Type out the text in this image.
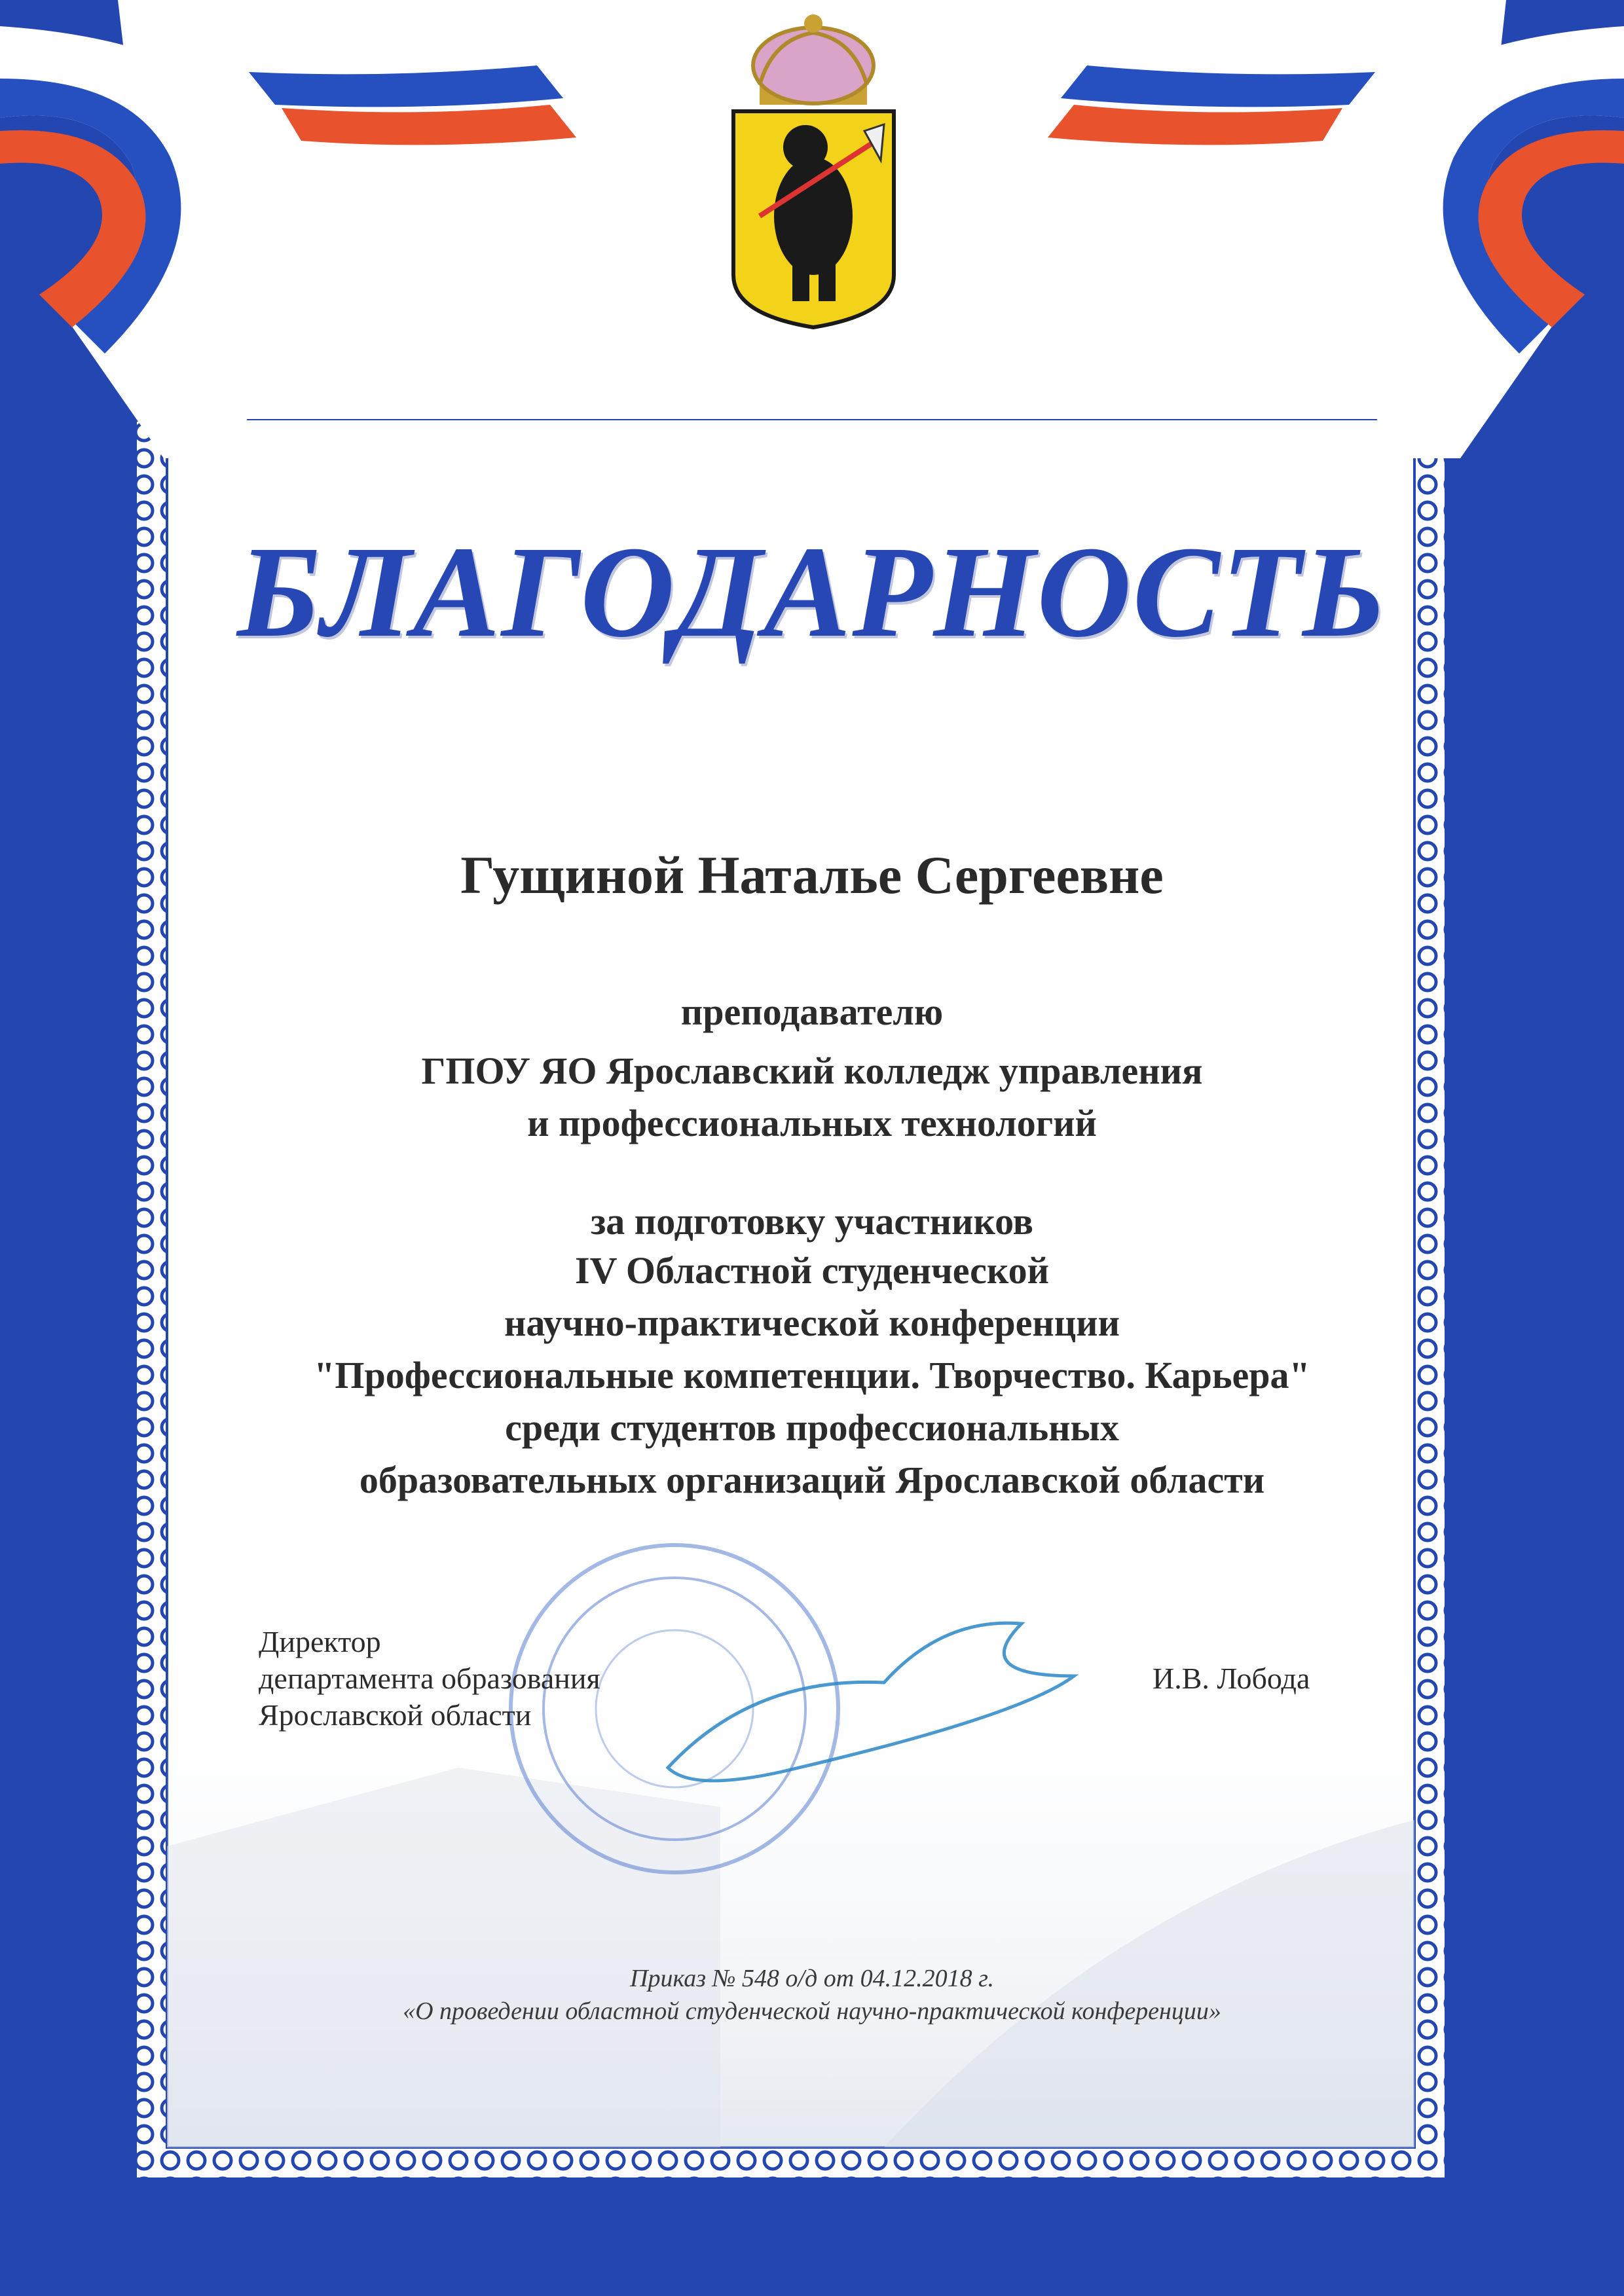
БЛАГОДАРНОСТЬ
Гущиной Наталье Сергеевне
преподавателю
ГПОУ ЯО Ярославский колледж управления
и профессиональных технологий
за подготовку участников
IV Областной студенческой
научно-практической конференции
"Профессиональные компетенции. Творчество. Карьера"
среди студентов профессиональных
образовательных организаций Ярославской области
Директор
департамента образования
Ярославской области
И.В. Лобода
Приказ № 548 о/д от 04.12.2018 г.
«О проведении областной студенческой научно-практической конференции»
